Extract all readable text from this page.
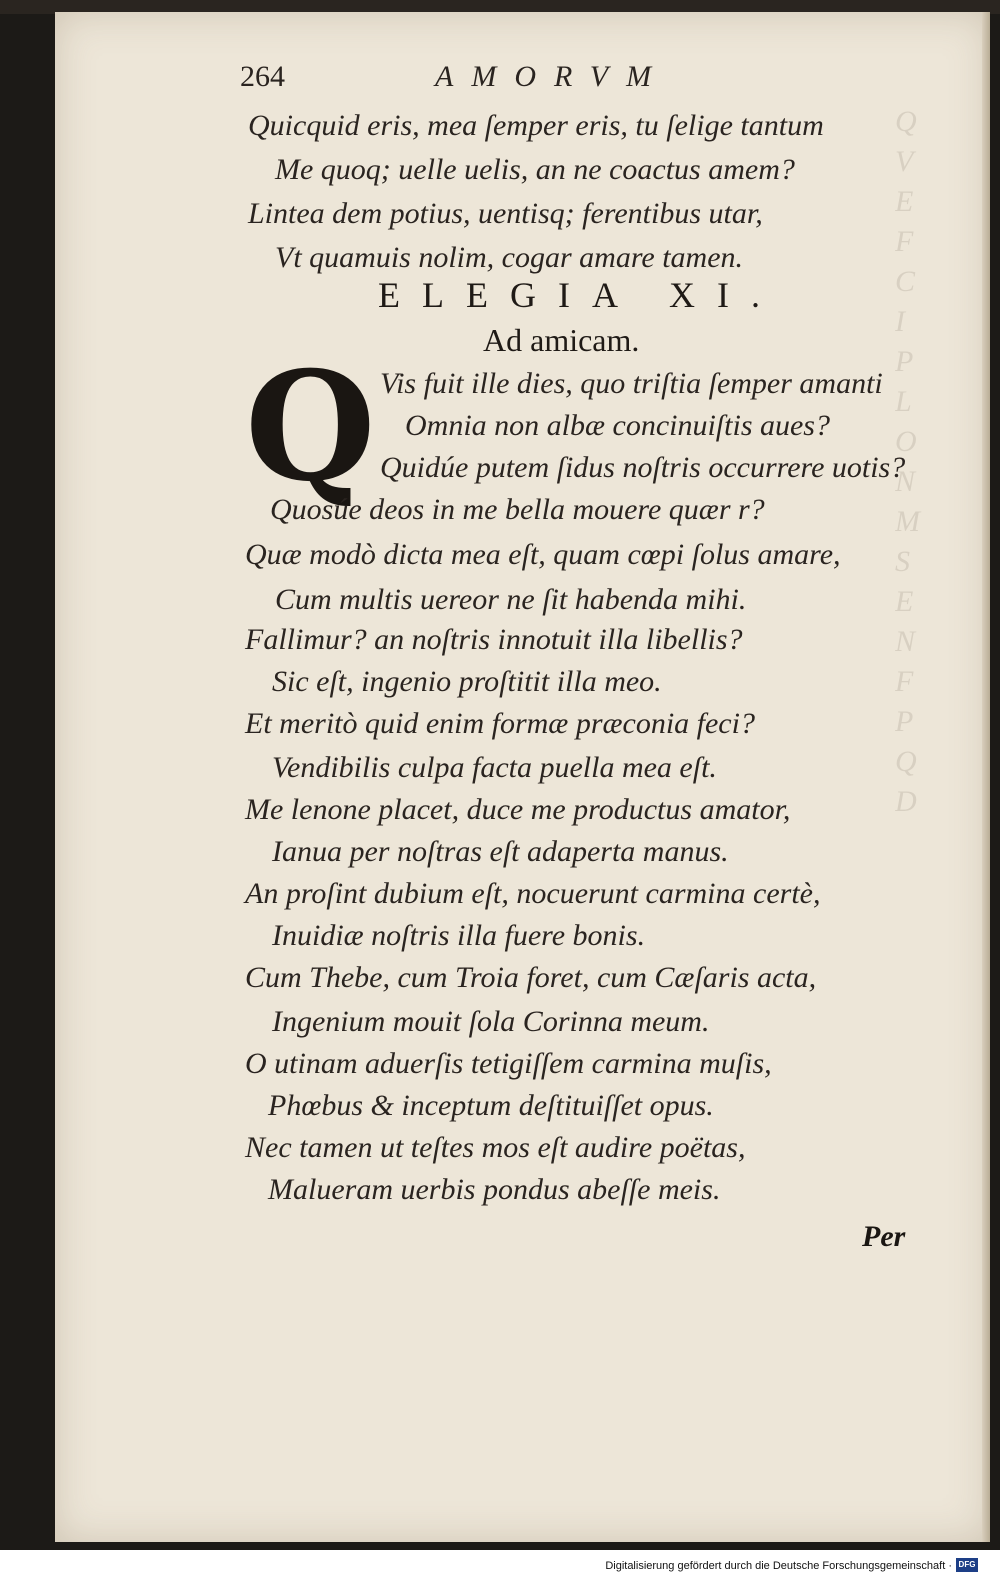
Q
V
E
F
C
I
P
L
O
N
M
S
E
N
F
P
Q
D
264	AMORVM
Quicquid eris, mea ſemper eris, tu ſelige tantum
Me quoq; uelle uelis, an ne coactus amem?
Lintea dem potius, uentisq; ferentibus utar,
Vt quamuis nolim, cogar amare tamen.
ELEGIA XI.
Ad amicam.
Q Vis fuit ille dies, quo triſtia ſemper amanti
Omnia non albæ concinuiſtis aues?
Quidúe putem ſidus noſtris occurrere uotis?
Quosúe deos in me bella mouere quær r?
Quæ modò dicta mea eſt, quam cœpi ſolus amare,
Cum multis uereor ne ſit habenda mihi.
Fallimur? an noſtris innotuit illa libellis?
Sic eſt, ingenio proſtitit illa meo.
Et meritò quid enim formæ præconia feci?
Vendibilis culpa facta puella mea eſt.
Me lenone placet, duce me productus amator,
Ianua per noſtras eſt adaperta manus.
An proſint dubium eſt, nocuerunt carmina certè,
Inuidiæ noſtris illa fuere bonis.
Cum Thebe, cum Troia foret, cum Cæſaris acta,
Ingenium mouit ſola Corinna meum.
O utinam aduerſis tetigiſſem carmina muſis,
Phœbus & inceptum deſtituiſſet opus.
Nec tamen ut teſtes mos eſt audire poëtas,
Malueram uerbis pondus abeſſe meis.
Per
Digitalisierung gefördert durch die Deutsche Forschungsgemeinschaft · DFG
